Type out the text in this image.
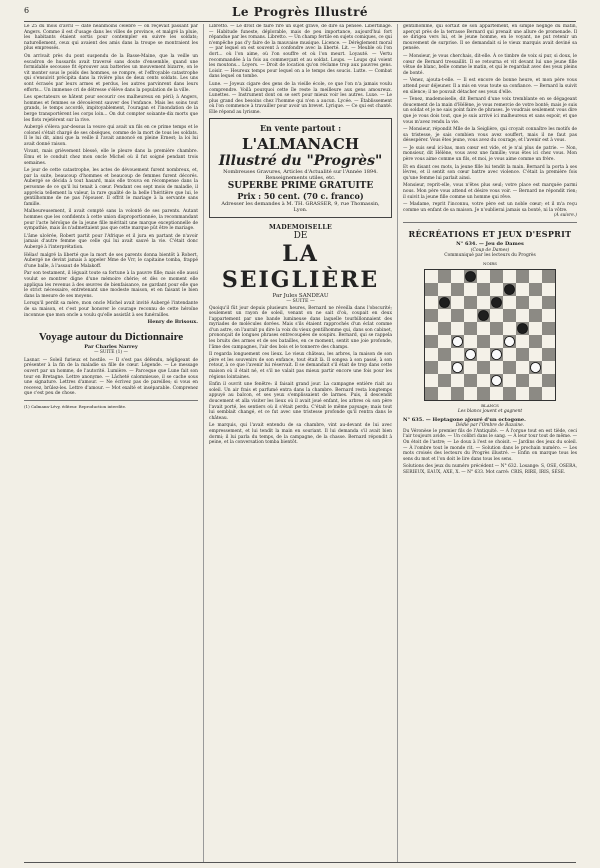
6	Le Progrès Illustré

Le 25 du mois d'avril — date néanmoins célèbre — on reçevait passant par Angers. Comme il est d'usage dans les villes de province, et malgré la pluie, les habitants étaient sortis pour contempler en suivre les soldats; naturellement, ceux qui avaient des amis dans la troupe se montraient les plus empressés.

On arrivait près du pont suspendu de la Basse-Maine, que la veille un escadron de hussards avait traversé sans doute d'ensemble, quand une formidable secousse fit éprouver aux batteries un mouvement bizarre, on le vit monter sous le poids des hommes, se rompre, et l'effroyable catastrophe qui s'ensuivit précipita dans la rivière plus de deux cents soldats. Les uns sont écrasés par leurs armes et perdus, les autres parvinrent dans leurs efforts... Un immense cri de détresse s'élève dans la population de la ville.

Les spectateurs se hâtent pour secourir ces malheureux en péril; à Angers, hommes et femmes se dévouèrent sauver des l'enfance. Mais les soins tout grands, le temps accordé, impitoyablement, l'ouragan et l'inondation de la berge transportèrent les corps loin... On dut compter soixante-dix morts que les flots rejetèrent sur la rive.

Aubergé s'éleva par-dessus la veuve qui avait un fils en ce prime temps et le colonel s'était chargé de ses obsèques, comme de la mort de tous les soldats. Il le lui dit, ainsi que la veille il l'avait annoncé en pleine Ernest; la loi lui avait donné raison.

Vivant, mais grièvement blessé, elle le pleure dans la première chambre. Ému et le conduit chez mon oncle Michel où il fut soigné pendant trois semaines.

Le jour de cette catastrophe, les actes de dévouement furent nombreux, et, par la suite, beaucoup d'hommes et beaucoup de femmes furent décorés. Aubergé se décida à tout hasard, mais elle trouva en récompense dans la personne de ce qu'il lui tenait à cœur. Pendant ces sept mois de maladie, il apprécia tellement la valeur, la rare qualité de la belle l'héritière que lui, le gentilhomme de ne pas l'épouser. Il offrit le mariage à la servante sans famille.

Malheureusement, il avait compté sans la volonté de ses parents. Autant hommes que les confidents à cette union disproportionnée, la recommandant pour l'acte héroïque de la jeune fille méritait une marque exceptionnelle de sympathie, mais ils n'admettaient pas que cette marque pût être le mariage.

L'âme ulcérée, Robert partit pour l'Afrique et il jura en partant de n'avoir jamais d'autre femme que celle qui lui avait sauvé la vie. C'était donc Aubergé à l'interprétation.

Hélas! malgré la liberté que la mort de ses parents donna bientôt à Robert, Aubergé ne devint jamais à appeler Mme de Vrr, le capitaine tomba, frappé d'une balle, à l'assaut de Malakoff.

Par son testament, il léguait toute sa fortune à la pauvre fille; mais elle aussi voulut se montrer digne d'une mémoire chérie; et dès ce moment elle appliqua les revenus à des œuvres de bienfaisance, ne gardant pour elle que le strict nécessaire, entretenant une modeste maison, et en faisant le bien dans la mesure de ses moyens.

Lorsqu'il perdit sa mère, mon oncle Michel avait invité Aubergé l'intendante de sa maison, et c'est pour honorer le courage reconnu de cette héroïne inconnue que mon oncle a voulu qu'elle assistât à ses funérailles.

Henry de Brisoux.

Voyage autour du Dictionnaire
Par Charles Narrey
— SUITE (1) —

Lasnar. — Soleil furieux et hostile. — Il s'est pas défendu, négligeant de présenter à la fin de la maladie sa fille de cœur. Légende. — Le message ouvert par un homme, de l'autorité. Lumière. — Parceque que Lune fait son tour en Bretagne. Lettre anonyme. — Lâcheté calomnieuse, il se cache sous une signature. Lettres d'amour. — Ne écrivez pas de pareilles; si vous en recevez, brûlez-les. Lettre d'amour. — Mot exalté et inséparable. Comprenez que c'est peu de chose.

(1) Calmann-Lévy, éditeur. Reproduction interdite.

Libretto. — Le droit de faire rire un sujet grave, de dire sa pensée. Libertinage. — Habitude funeste, déplorable, mais de peu importance, aujourd'hui fort répandue par les romans. Libretto. — Un champ fertile en sujets comiques, ce qui n'empêche pas d'y faire de la mauvaise musique. Licence. — Dérèglement moral — par lequel on est souvent à confondre avec la liberté. Lit. — Meuble où l'on dort... où l'on aime, où l'on souffre et où l'on meurt. Loyauté. — Vertu recommandée à la fois au commerçant et au soldat. Loups. — Loups qui voient les moutons... Loyers. — Droit de location qu'on réclame trop aux pauvres gens. Loisir. — Heureux temps pour lequel on a le temps des soucis. Lutte. — Combat dans lequel on tombe.

Lune. — Joyeux cigare des gens de la vieille école, ce que l'on n'a jamais voulu comprendre. Voilà pourquoi cette île reste la meilleure aux gens amoureux. Lunettes. — Instrument dont on se sert pour mieux voir les autres. Luxe. — Le plus grand des besoins chez l'homme qui n'en a aucun. Lycée. — Établissement où l'on commence à travailler pour avoir un brevet. Lyrique. — Ce qui est chanté. Elle répond au lyrisme.

En vente partout :
L'ALMANACH
Illustré du "Progrès"
Nombreuses Gravures, Articles d'Actualité sur l'Année 1894. Renseignements utiles, etc.
SUPERBE PRIME GRATUITE
Prix : 50 cent. (70 c. franco)
Adresser les demandes à M. TH. GRASSER, 9, rue Thomassin, Lyon.
MADEMOISELLE
DE
LA SEIGLIÈRE
Par Jules SANDEAU
— SUITE —

Quoiqu'il fût jour depuis plusieurs heures, Bernard ne réveilla dans l'obscurité; seulement un rayon de soleil, venant on ne sait d'où, coupait en deux l'appartement par une bande lumineuse dans laquelle tourbillonnaient des myriades de molécules dorées. Mais s'ils étaient rapprochés d'un éclat comme d'un astre, on l'aurait pu dire la voix du vieux gentilhomme qui, dans son cabinet, prononçait de longues phrases entrecoupées de soupirs. Bernard, qui se rappela les bruits des armes et de ses batailles, en ce moment, sentit une joie profonde, l'âme des campagnes, l'air des bois et le tonnerre des champs.

Il regarda longuement ces lieux. Le vieux château, les arbres, la maison de son père et les souvenirs de son enfance, tout était là. Il songea à son passé, à son retour, à ce que l'avenir lui réservait. Il se demandait s'il était de trop dans cette maison où il était né, et s'il ne valait pas mieux partir encore une fois pour les régions lointaines.

Enfin il ouvrit une fenêtre: il faisait grand jour. La campagne entière riait au soleil. Un air frais et parfumé entra dans la chambre. Bernard resta longtemps appuyé au balcon, et ses yeux s'emplissaient de larmes. Puis, il descendit doucement et alla visiter les lieux où il avait joué enfant, les arbres où son père l'avait porté, les sentiers où il s'était perdu. C'était le même paysage; mais tout lui semblait changé, et ce fut avec une tristesse profonde qu'il rentra dans le château.

Le marquis, qui l'avait entendu de sa chambre, vint au-devant de lui avec empressement, et lui tendit la main en souriant. Il lui demanda s'il avait bien dormi; il lui parla du temps, de la campagne, de la chasse. Bernard répondit à peine, et la conversation tomba bientôt.

gentilhomme, qui sortait de son appartement, en simple négligé du matin, aperçut près de la terrasse Bernard qui prenait une allure de promenade. Il se dirigea vers lui, et le jeune homme, en le voyant, ne put retenir un mouvement de surprise. Il se demandait si le vieux marquis avait deviné sa pensée.

— Monsieur, je vous cherchais, dit-elle. À ce timbre de voix si pur, si doux, le cœur de Bernard tressaillit. Il se retourna et vit devant lui une jeune fille vêtue de blanc, belle comme le matin, et qui le regardait avec des yeux pleins de bonté.

— Venez, ajouta-t-elle. — Il est encore de bonne heure, et mon père vous attend pour déjeuner. Il a mis en vous toute sa confiance. — Bernard la suivit en silence; il ne pouvait détacher ses yeux d'elle.

— Tenez, mademoiselle, dit Bernard d'une voix tremblante en se dégageant doucement de la main d'Hélène, je vous remercie de votre bonté; mais je suis un soldat et je ne sais point faire de phrases. Je voudrais seulement vous dire que je vous dois tout, que je suis arrivé ici malheureux et sans espoir, et que vous m'avez rendu la vie.

— Monsieur, répondit Mlle de la Seiglière, qui croyait connaître les motifs de sa tristesse, je sais combien vous avez souffert, mais il ne faut pas désespérer. Vous êtes jeune, vous avez du courage, et l'avenir est à vous.

— Je suis seul ici-bas, mon cœur est vide, et je n'ai plus de patrie. — Non, monsieur, dit Hélène, vous avez une famille; vous êtes ici chez vous. Mon père vous aime comme un fils, et moi, je vous aime comme un frère.

Et en disant ces mots, la jeune fille lui tendit la main. Bernard la porta à ses lèvres, et il sentit son cœur battre avec violence. C'était la première fois qu'une femme lui parlait ainsi.

Monsieur, reprit-elle, vous n'êtes plus seul; votre place est marquée parmi nous. Mon père vous attend et désire vous voir. — Bernard ne répondit rien; il suivit la jeune fille comme un homme qui rêve.

— Madame, reprit l'inconnu, votre père est un noble cœur; et il m'a reçu comme un enfant de sa maison. Je n'oublierai jamais sa bonté, ni la vôtre.

(A suivre.)

RÉCRÉATIONS ET JEUX D'ESPRIT
N° 634. — Jeu de Dames
(Coup de Dames)
Communiqué par les lecteurs du Progrès
NOIRS
BLANCS
Les blancs jouent et gagnent
N° 635. — Heptagone ajouré d'un octogone.
Dédié par l'Ombre de Bazaine.

Du Véronèse le premier fils de l'Antiquité. — À l'orgue tout en est tiède, ceci l'air toujours avide. — Un colibri dans le sang. — À leur tour tout de même. — On étoit de l'astre; — Le doux à l'est se choisit. — Jardins des jeux du soleil. — À l'ombre tout le monde rit. — Solution dans le prochain numéro. — Les mots croisés des lecteurs du Progrès illustré. — Enfin on marque tous les sens du mot et l'on doit le lire dans tous les sens.

Solutions des jeux du numéro précédent — N° 632. Losange: S, OSE, OSERA, SERIEUX, EAUX, AXE, X. — N° 633. Mot carré: CRIS, RIRE, IRIS, SÉSE.
